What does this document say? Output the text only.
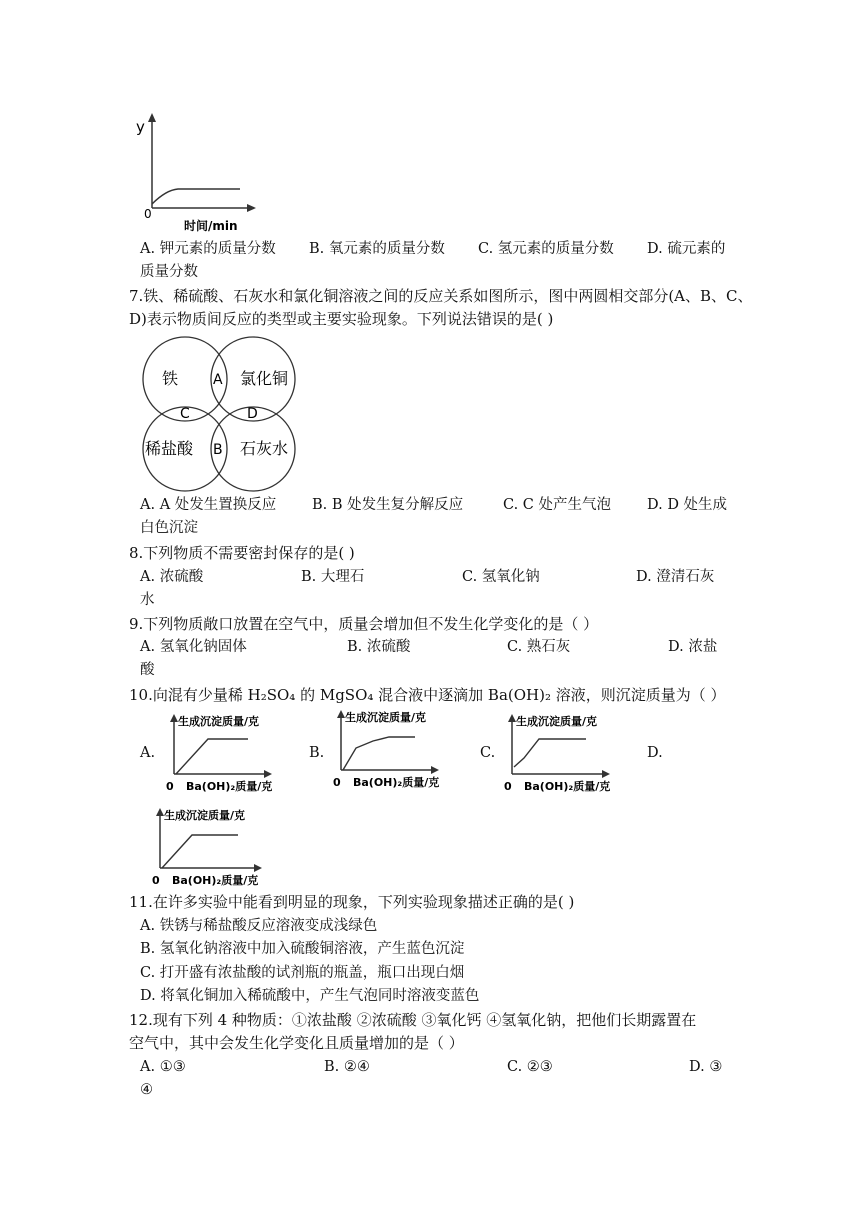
y
0
时间/min
A. 钾元素的质量分数 B. 氧元素的质量分数 C. 氢元素的质量分数 D. 硫元素的
质量分数
7.铁、稀硫酸、石灰水和氯化铜溶液之间的反应关系如图所示，图中两圆相交部分(A、B、C、
D)表示物质间反应的类型或主要实验现象。下列说法错误的是( )
铁	氯化铜
稀盐酸	石灰水
A
B
C	D
A. A 处发生置换反应 B. B 处发生复分解反应	C. C 处产生气泡 D. D 处生成
白色沉淀
8.下列物质不需要密封保存的是( )
A. 浓硫酸	B. 大理石	C. 氢氧化钠	D. 澄清石灰
水
9.下列物质敞口放置在空气中，质量会增加但不发生化学变化的是（ ）
A. 氢氧化钠固体	B. 浓硫酸	C. 熟石灰	D. 浓盐
酸
10.向混有少量稀 H₂SO₄ 的 MgSO₄ 混合液中逐滴加 Ba(OH)₂ 溶液，则沉淀质量为（ ）
A.	B.	C.	D.
生成沉淀质量/克
0 Ba(OH)₂质量/克
生成沉淀质量/克
0 Ba(OH)₂质量/克
生成沉淀质量/克
0 Ba(OH)₂质量/克
生成沉淀质量/克
0 Ba(OH)₂质量/克
11.在许多实验中能看到明显的现象，下列实验现象描述正确的是( )
A. 铁锈与稀盐酸反应溶液变成浅绿色
B. 氢氧化钠溶液中加入硫酸铜溶液，产生蓝色沉淀
C. 打开盛有浓盐酸的试剂瓶的瓶盖，瓶口出现白烟
D. 将氧化铜加入稀硫酸中，产生气泡同时溶液变蓝色
12.现有下列 4 种物质：①浓盐酸 ②浓硫酸 ③氧化钙 ④氢氧化钠，把他们长期露置在
空气中，其中会发生化学变化且质量增加的是（ ）
A. ①③	B. ②④	C. ②③	D. ③
④
